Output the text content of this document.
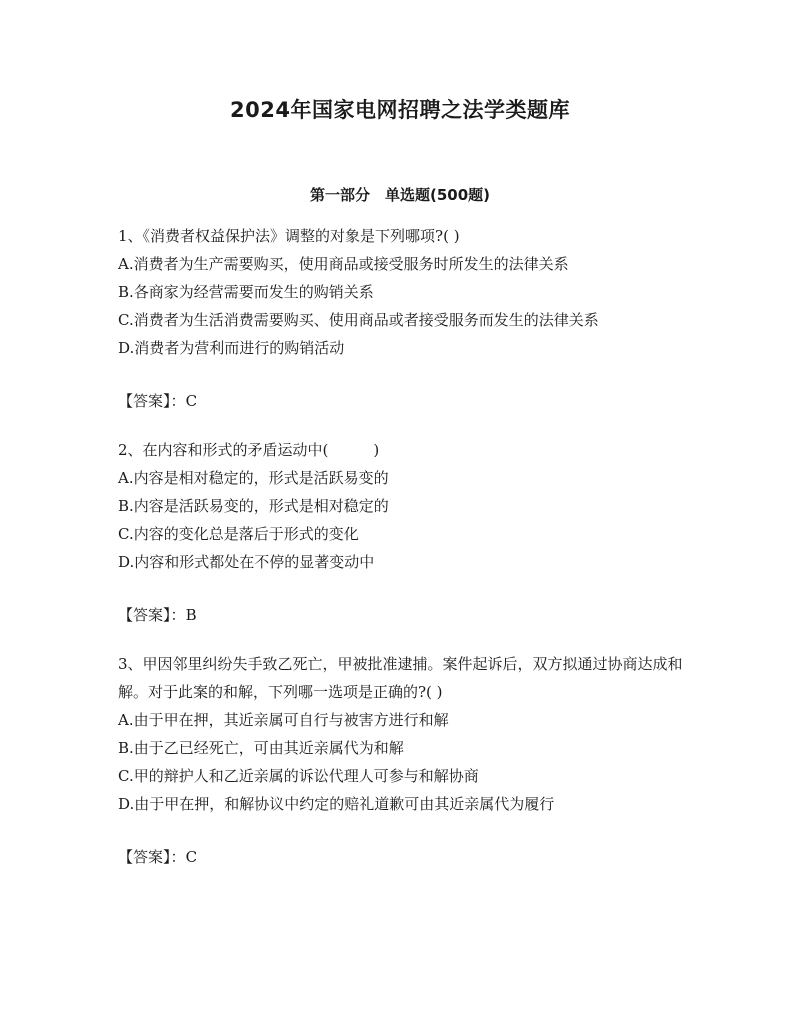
2024年国家电网招聘之法学类题库
第一部分　单选题(500题)

1、《消费者权益保护法》调整的对象是下列哪项?( )

A.消费者为生产需要购买，使用商品或接受服务时所发生的法律关系

B.各商家为经营需要而发生的购销关系

C.消费者为生活消费需要购买、使用商品或者接受服务而发生的法律关系

D.消费者为营利而进行的购销活动

【答案】：C

2、在内容和形式的矛盾运动中(　　　)

A.内容是相对稳定的，形式是活跃易变的

B.内容是活跃易变的，形式是相对稳定的

C.内容的变化总是落后于形式的变化

D.内容和形式都处在不停的显著变动中

【答案】：B

3、甲因邻里纠纷失手致乙死亡，甲被批准逮捕。案件起诉后，双方拟通过协商达成和解。对于此案的和解，下列哪一选项是正确的?( )

A.由于甲在押，其近亲属可自行与被害方进行和解

B.由于乙已经死亡，可由其近亲属代为和解

C.甲的辩护人和乙近亲属的诉讼代理人可参与和解协商

D.由于甲在押，和解协议中约定的赔礼道歉可由其近亲属代为履行

【答案】：C
